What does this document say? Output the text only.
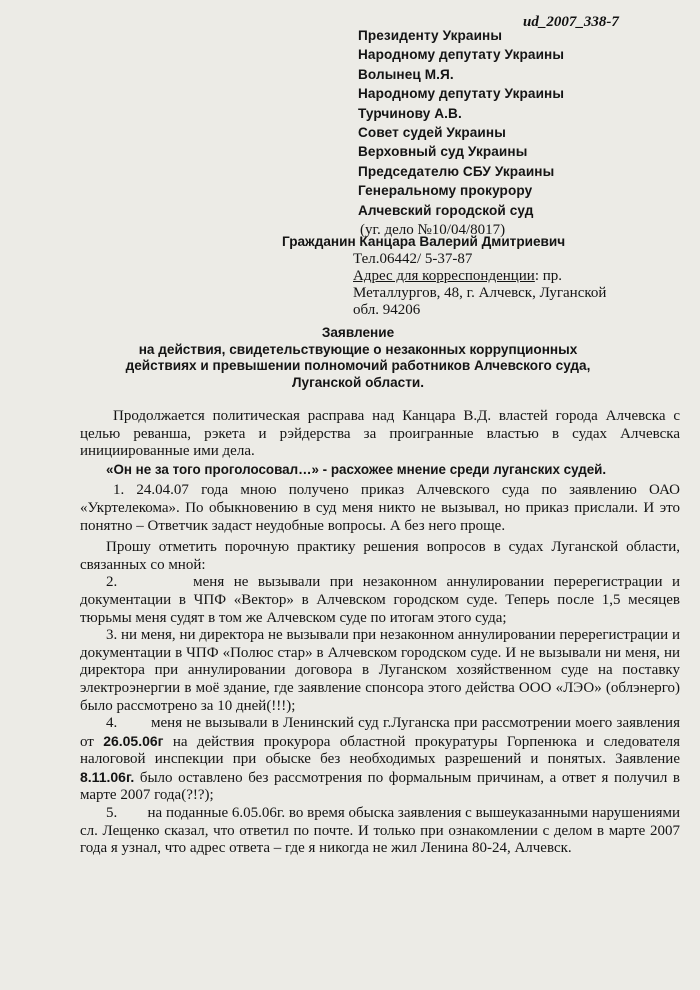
ud_2007_338-7
Президенту Украины
Народному депутату Украины
Волынец М.Я.
Народному депутату Украины
Турчинову А.В.
Совет судей Украины
Верховный суд Украины
Председателю СБУ Украины
Генеральному прокурору
Алчевский городской суд
(уг. дело №10/04/8017)
Гражданин Канцара Валерий Дмитриевич
Тел.06442/ 5-37-87
Адрес для корреспонденции: пр.
Металлургов, 48, г. Алчевск, Луганской
обл. 94206
Заявление
на действия, свидетельствующие о незаконных коррупционных
действиях и превышении полномочий работников Алчевского суда,
Луганской области.

Продолжается политическая расправа над Канцара В.Д. властей города Алчевска с целью реванша, рэкета и рэйдерства за проигранные властью в судах Алчевска инициированные ими дела.

«Он не за того проголосовал…» - расхожее мнение среди луганских судей.

1. 24.04.07 года мною получено приказ Алчевского суда по заявлению ОАО «Укртелекома». По обыкновению в суд меня никто не вызывал, но приказ прислали. И это понятно – Ответчик задаст неудобные вопросы. А без него проще.

Прошу отметить порочную практику решения вопросов в судах Луганской области, связанных со мной:

2.        меня не вызывали при незаконном аннулировании перерегистрации и документации в ЧПФ «Вектор» в Алчевском городском суде. Теперь после 1,5 месяцев тюрьмы меня судят в том же Алчевском суде по итогам этого суда;

3. ни меня, ни директора не вызывали при незаконном аннулировании перерегистрации и документации в ЧПФ «Полюс стар» в Алчевском городском суде. И не вызывали ни меня, ни директора при аннулировании договора в Луганском хозяйственном суде на поставку электроэнергии в моё здание, где заявление спонсора этого действа ООО «ЛЭО» (облэнерго) было рассмотрено за 10 дней(!!!);

4.        меня не вызывали в Ленинский суд г.Луганска при рассмотрении моего заявления от 26.05.06г на действия прокурора областной прокуратуры Горпенюка и следователя налоговой инспекции при обыске без необходимых разрешений и понятых. Заявление 8.11.06г. было оставлено без рассмотрения по формальным причинам, а ответ я получил в марте 2007 года(?!?);

5.        на поданные 6.05.06г. во время обыска заявления с вышеуказанными нарушениями сл. Лещенко сказал, что ответил по почте. И только при ознакомлении с делом в марте 2007 года я узнал, что адрес ответа – где я никогда не жил Ленина 80-24, Алчевск.
